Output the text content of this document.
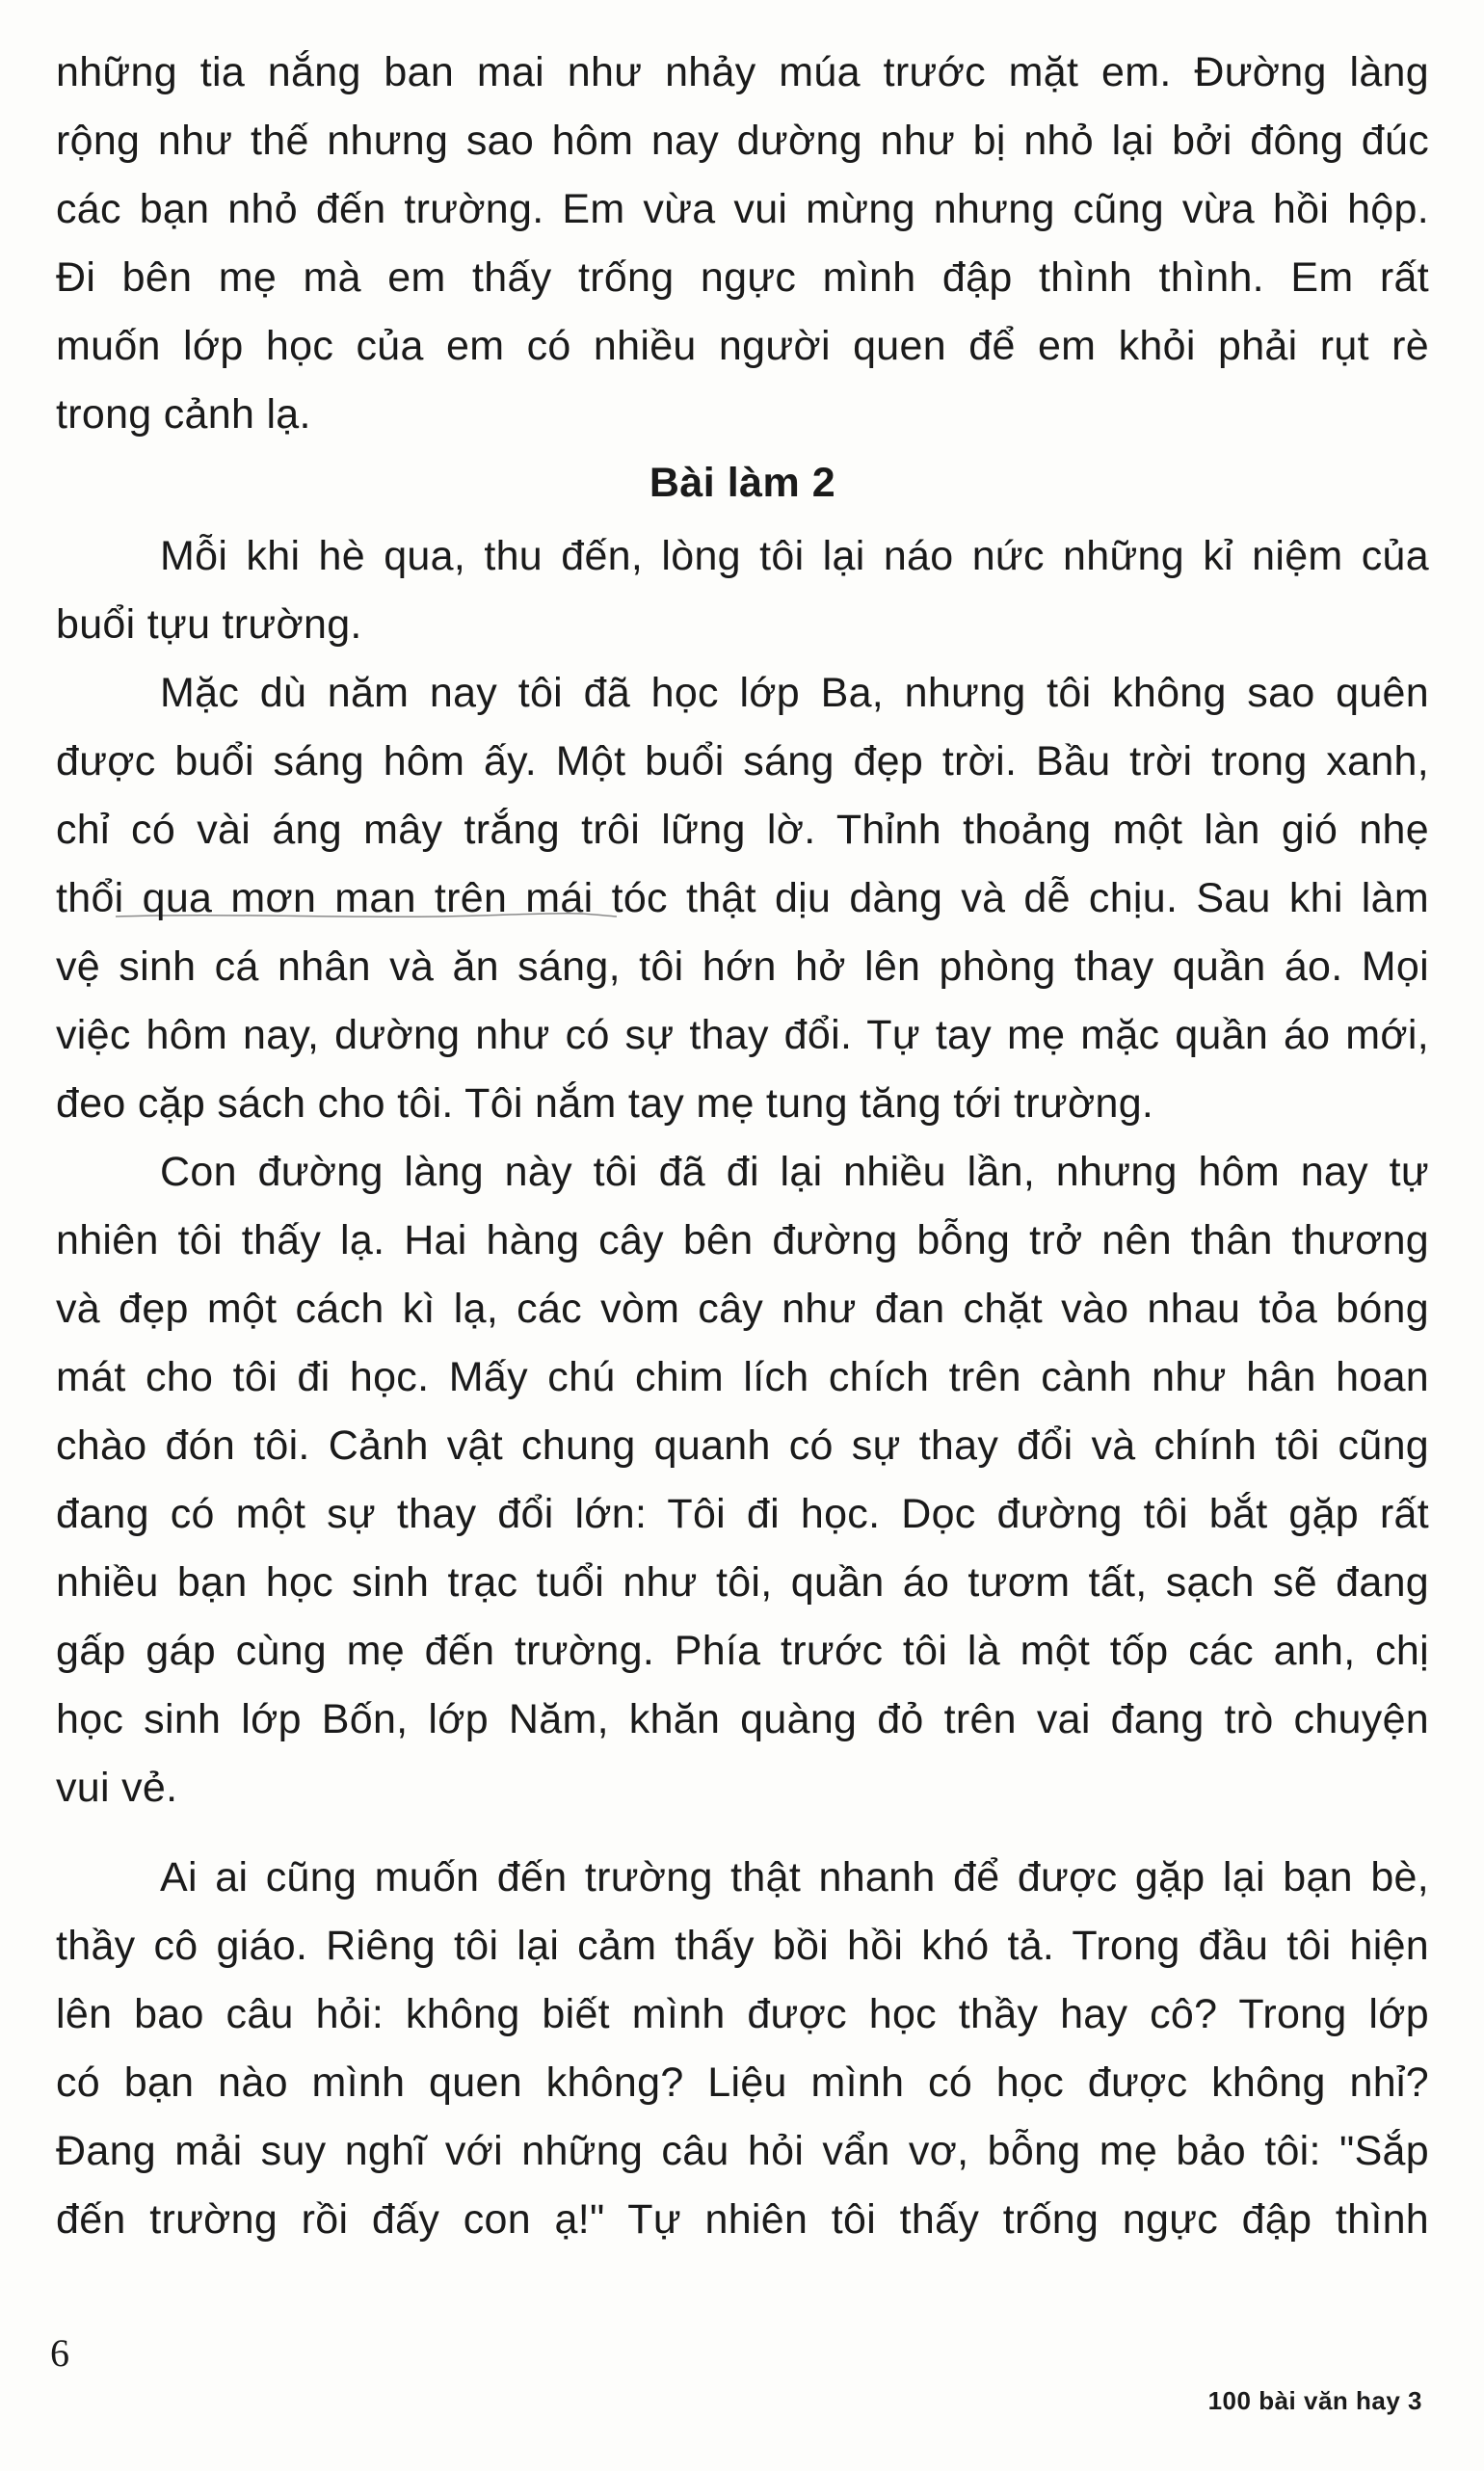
những tia nắng ban mai như nhảy múa trước mặt em. Đường làng
rộng như thế nhưng sao hôm nay dường như bị nhỏ lại bởi đông đúc
các bạn nhỏ đến trường. Em vừa vui mừng nhưng cũng vừa hồi hộp.
Đi bên mẹ mà em thấy trống ngực mình đập thình thình. Em rất
muốn lớp học của em có nhiều người quen để em khỏi phải rụt rè
trong cảnh lạ.
Bài làm 2
Mỗi khi hè qua, thu đến, lòng tôi lại náo nức những kỉ niệm của
buổi tựu trường.
Mặc dù năm nay tôi đã học lớp Ba, nhưng tôi không sao quên
được buổi sáng hôm ấy. Một buổi sáng đẹp trời. Bầu trời trong xanh,
chỉ có vài áng mây trắng trôi lững lờ. Thỉnh thoảng một làn gió nhẹ
thổi qua mơn man trên mái tóc thật dịu dàng và dễ chịu. Sau khi làm
vệ sinh cá nhân và ăn sáng, tôi hớn hở lên phòng thay quần áo. Mọi
việc hôm nay, dường như có sự thay đổi. Tự tay mẹ mặc quần áo mới,
đeo cặp sách cho tôi. Tôi nắm tay mẹ tung tăng tới trường.
Con đường làng này tôi đã đi lại nhiều lần, nhưng hôm nay tự
nhiên tôi thấy lạ. Hai hàng cây bên đường bỗng trở nên thân thương
và đẹp một cách kì lạ, các vòm cây như đan chặt vào nhau tỏa bóng
mát cho tôi đi học. Mấy chú chim lích chích trên cành như hân hoan
chào đón tôi. Cảnh vật chung quanh có sự thay đổi và chính tôi cũng
đang có một sự thay đổi lớn: Tôi đi học. Dọc đường tôi bắt gặp rất
nhiều bạn học sinh trạc tuổi như tôi, quần áo tươm tất, sạch sẽ đang
gấp gáp cùng mẹ đến trường. Phía trước tôi là một tốp các anh, chị
học sinh lớp Bốn, lớp Năm, khăn quàng đỏ trên vai đang trò chuyện
vui vẻ.
Ai ai cũng muốn đến trường thật nhanh để được gặp lại bạn bè,
thầy cô giáo. Riêng tôi lại cảm thấy bồi hồi khó tả. Trong đầu tôi hiện
lên bao câu hỏi: không biết mình được học thầy hay cô? Trong lớp
có bạn nào mình quen không? Liệu mình có học được không nhỉ?
Đang mải suy nghĩ với những câu hỏi vẩn vơ, bỗng mẹ bảo tôi: "Sắp
đến trường rồi đấy con ạ!" Tự nhiên tôi thấy trống ngực đập thình
6
100 bài văn hay 3
